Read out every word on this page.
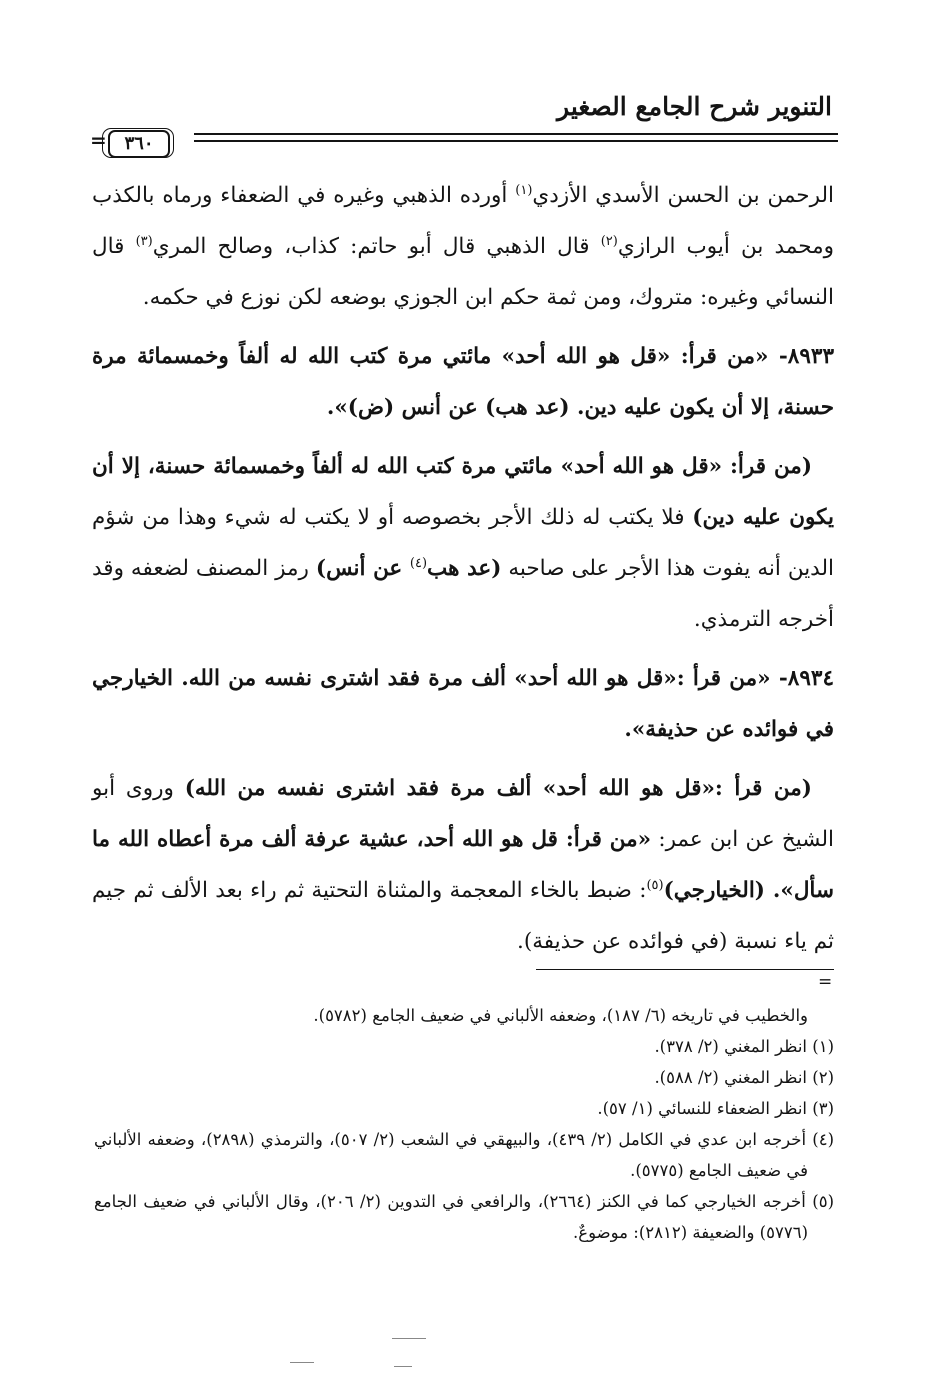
التنوير شرح الجامع الصغير
= ٣٦٠

الرحمن بن الحسن الأسدي الأزدي$^{(١)}$ أورده الذهبي وغيره في الضعفاء ورماه بالكذب ومحمد بن أيوب الرازي$^{(٢)}$ قال الذهبي قال أبو حاتم: كذاب، وصالح المري$^{(٣)}$ قال النسائي وغيره: متروك، ومن ثمة حكم ابن الجوزي بوضعه لكن نوزع في حكمه.

٨٩٣٣- «من قرأ: «قل هو الله أحد» مائتي مرة كتب الله له ألفاً وخمسمائة مرة حسنة، إلا أن يكون عليه دين. (عد هب) عن أنس (ض)».

(من قرأ: «قل هو الله أحد» مائتي مرة كتب الله له ألفاً وخمسمائة حسنة، إلا أن يكون عليه دين) فلا يكتب له ذلك الأجر بخصوصه أو لا يكتب له شيء وهذا من شؤم الدين أنه يفوت هذا الأجر على صاحبه (عد هب$^{(٤)}$ عن أنس) رمز المصنف لضعفه وقد أخرجه الترمذي.

٨٩٣٤- «من قرأ :«قل هو الله أحد» ألف مرة فقد اشترى نفسه من الله. الخيارجي في فوائده عن حذيفة».

(من قرأ :«قل هو الله أحد» ألف مرة فقد اشترى نفسه من الله) وروى أبو الشيخ عن ابن عمر: «من قرأ: قل هو الله أحد، عشية عرفة ألف مرة أعطاه الله ما سأل». (الخيارجي)$^{(٥)}$: ضبط بالخاء المعجمة والمثناة التحتية ثم راء بعد الألف ثم جيم ثم ياء نسبة (في فوائده عن حذيفة).

=
والخطيب في تاريخه (٦/ ١٨٧)، وضعفه الألباني في ضعيف الجامع (٥٧٨٢).
(١) انظر المغني (٢/ ٣٧٨).
(٢) انظر المغني (٢/ ٥٨٨).
(٣) انظر الضعفاء للنسائي (١/ ٥٧).
(٤) أخرجه ابن عدي في الكامل (٢/ ٤٣٩)، والبيهقي في الشعب (٢/ ٥٠٧)، والترمذي (٢٨٩٨)، وضعفه الألباني في ضعيف الجامع (٥٧٧٥).
(٥) أخرجه الخيارجي كما في الكنز (٢٦٦٤)، والرافعي في التدوين (٢/ ٢٠٦)، وقال الألباني في ضعيف الجامع (٥٧٧٦) والضعيفة (٢٨١٢): موضوعٌ.
